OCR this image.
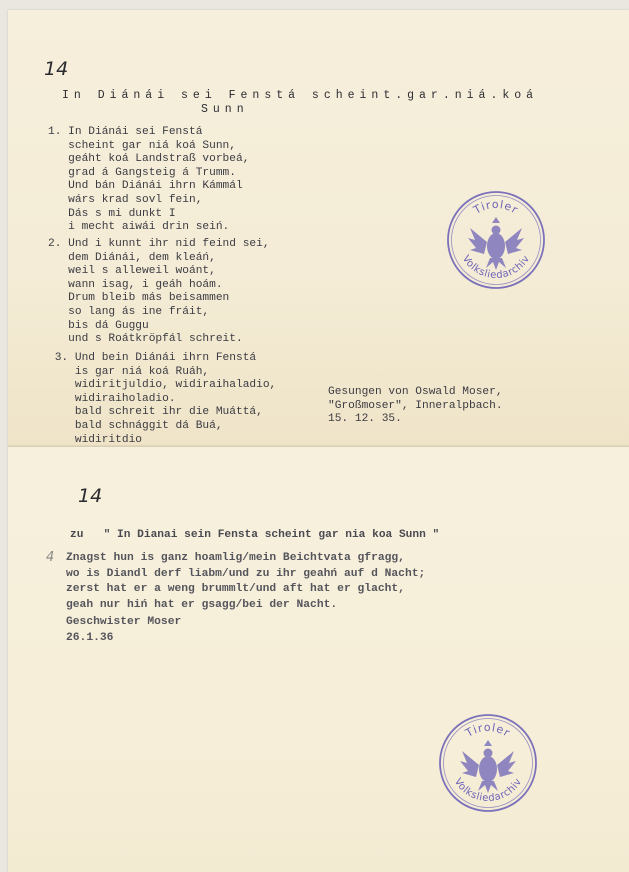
14
In Diánái sei Fenstá scheint.gar.niá.koá
Sunn
1. In Diánái sei Fenstá
scheint gar niá koá Sunn,
geáht koá Landstraß vorbeá,
grad á Gangsteig á Trumm.
Und bán Diánái ihrn Kámmál
wárs krad sovl fein,
Dás s mi dunkt I
i mecht aiwái drin seiń.
2. Und i kunnt ihr nid feind sei,
dem Diánái, dem kleáń,
weil s alleweil woánt,
wann isag, i geáh hoám.
Drum bleib más beisammen
so lang ás ine fráit,
bis dá Guggu
und s Roátkröpfál schreit.
3. Und bein Diánái ihrn Fenstá
is gar niá koá Ruáh,
widiritjuldio, widiraihaladio,
widiraiholadio.
bald schreit ihr die Muáttá,
bald schnággit dá Buá,
widiritdio
Gesungen von Oswald Moser,
"Großmoser", Inneralpbach.
15. 12. 35.
Tiroler
Volksliedarchiv
14
zu   " In Dianai sein Fensta scheint gar nia koa Sunn "
4 Znagst hun is ganz hoamlig/mein Beichtvata gfragg,
wo is Diandl derf liabm/und zu ihr geahń auf d Nacht;
zerst hat er a weng brummlt/und aft hat er glacht,
geah nur hiń hat er gsagg/bei der Nacht.
Geschwister Moser
26.1.36
Tiroler
Volksliedarchiv
